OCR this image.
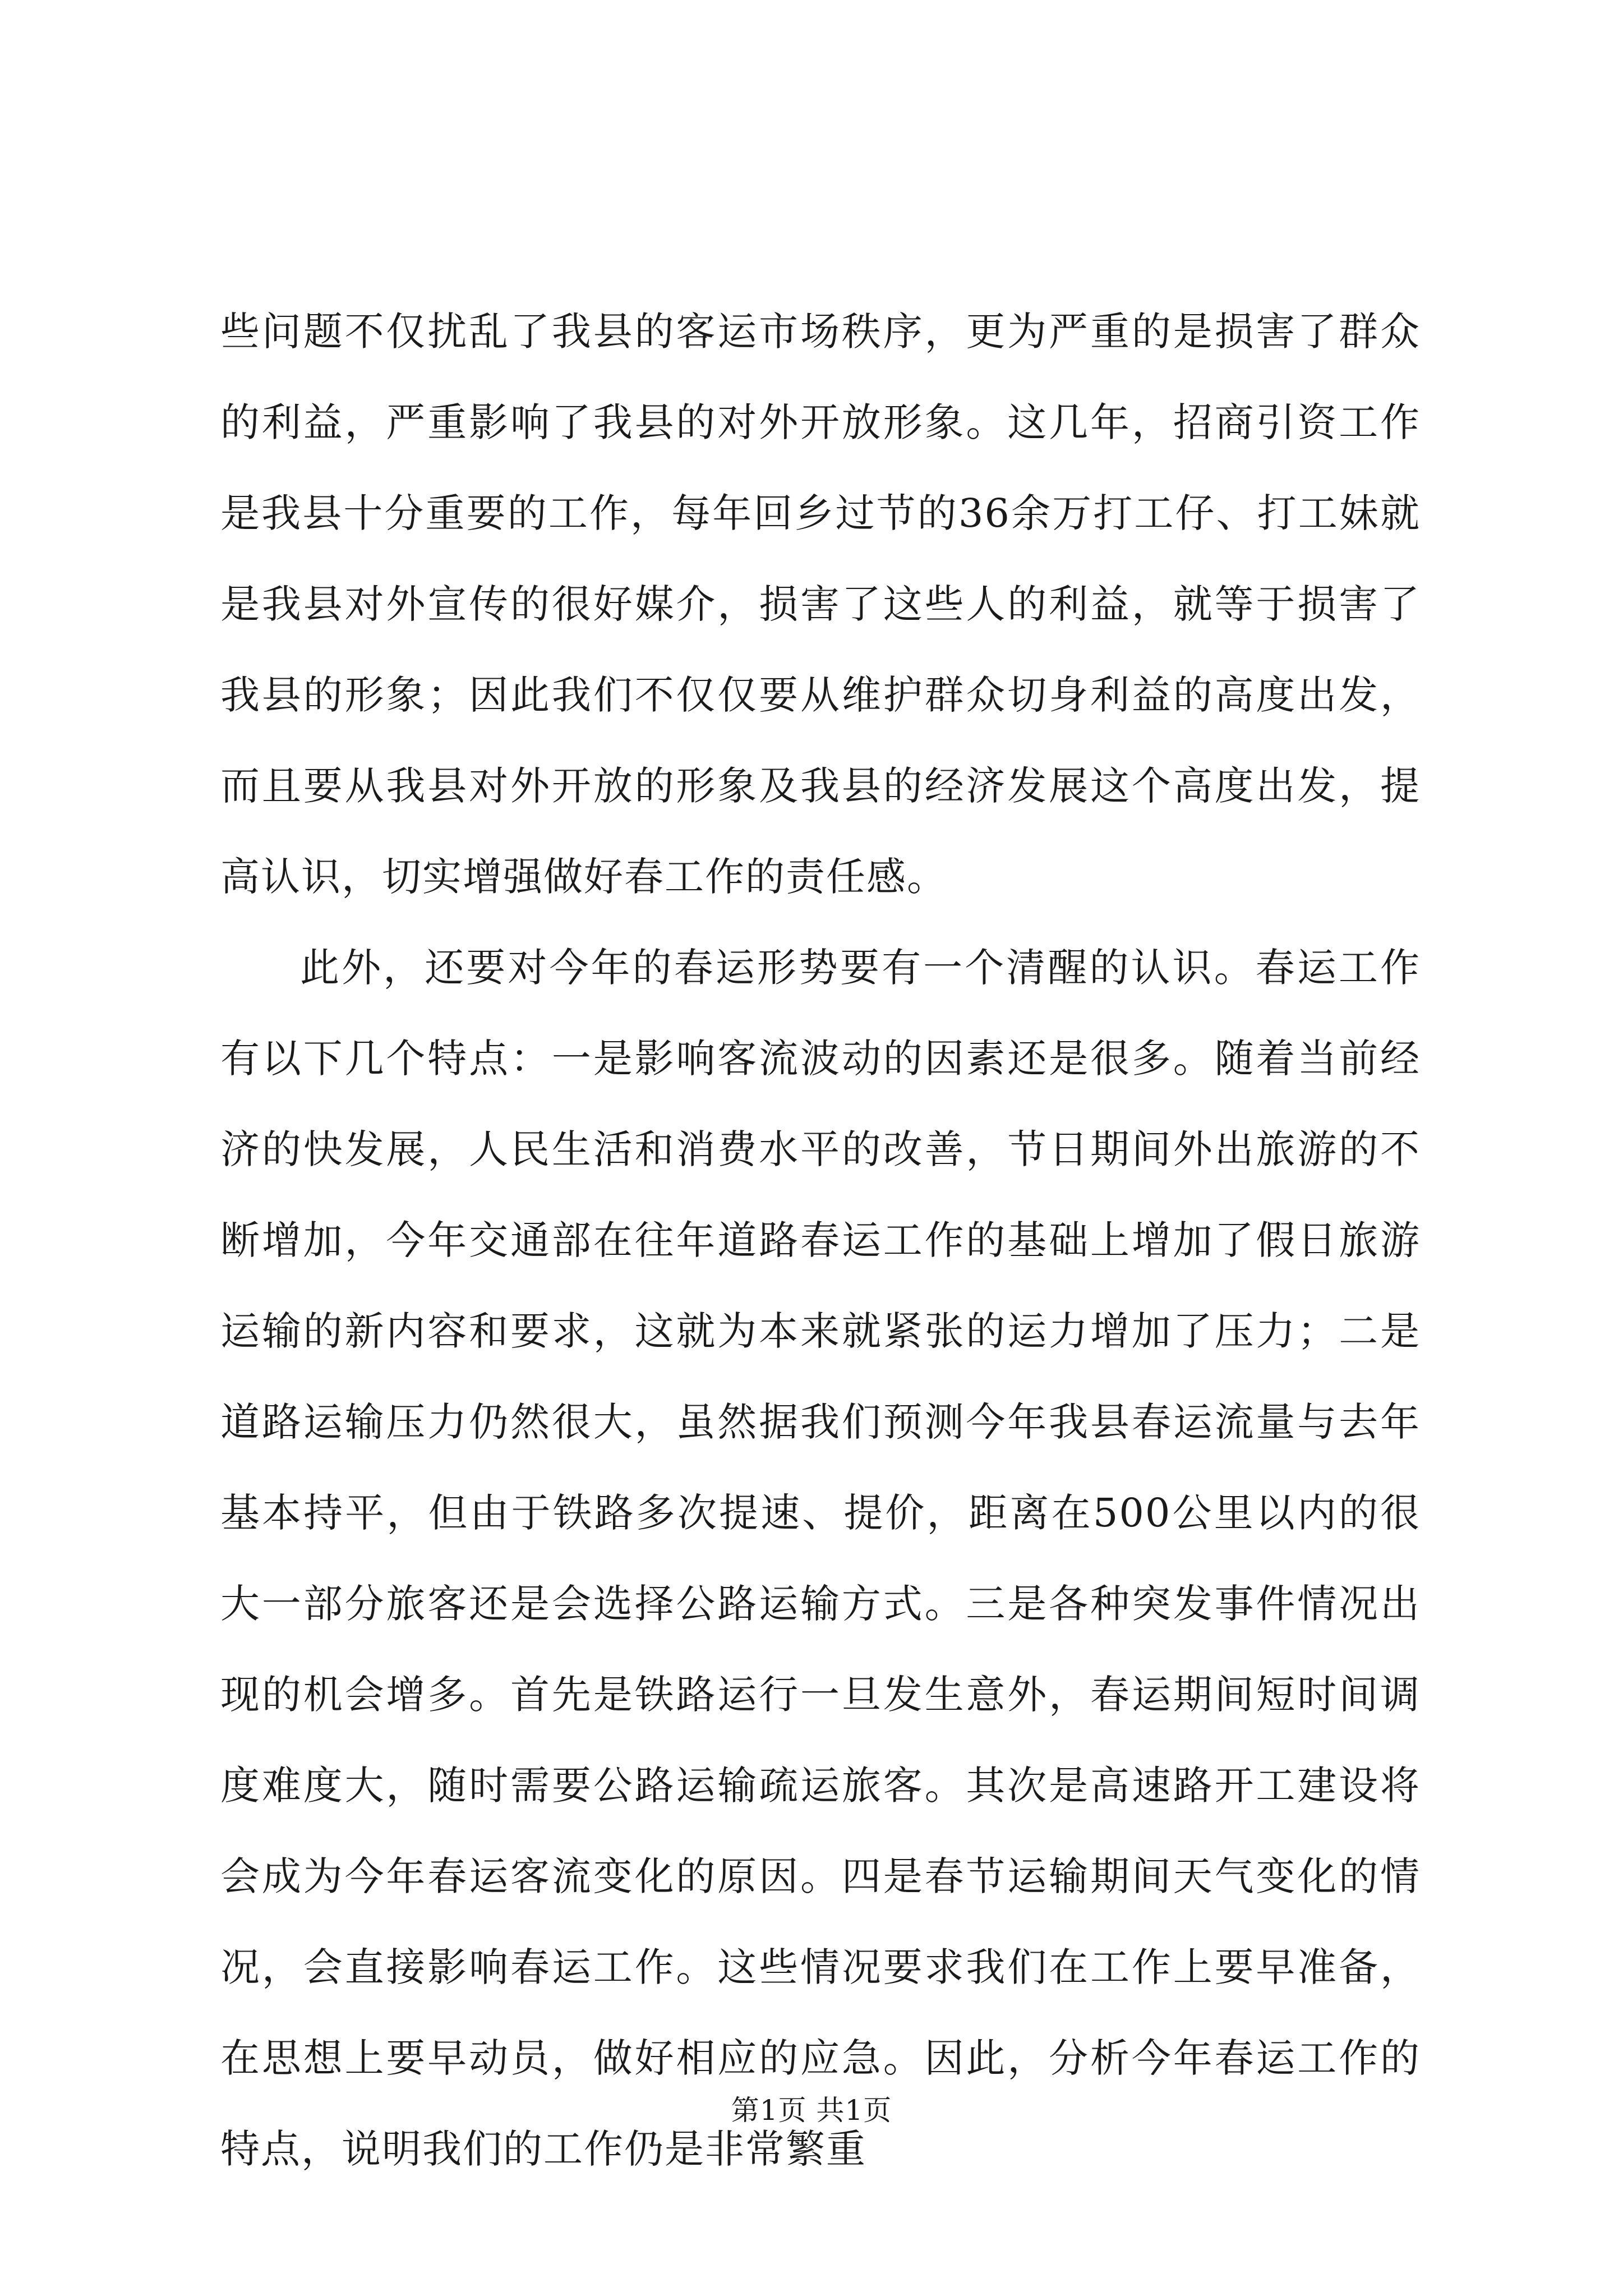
些问题不仅扰乱了我县的客运市场秩序，更为严重的是损害了群众的利益，严重影响了我县的对外开放形象。这几年，招商引资工作是我县十分重要的工作，每年回乡过节的36余万打工仔、打工妹就是我县对外宣传的很好媒介，损害了这些人的利益，就等于损害了我县的形象；因此我们不仅仅要从维护群众切身利益的高度出发，而且要从我县对外开放的形象及我县的经济发展这个高度出发，提高认识，切实增强做好春工作的责任感。

此外，还要对今年的春运形势要有一个清醒的认识。春运工作有以下几个特点：一是影响客流波动的因素还是很多。随着当前经济的快发展，人民生活和消费水平的改善，节日期间外出旅游的不断增加，今年交通部在往年道路春运工作的基础上增加了假日旅游运输的新内容和要求，这就为本来就紧张的运力增加了压力；二是道路运输压力仍然很大，虽然据我们预测今年我县春运流量与去年基本持平，但由于铁路多次提速、提价，距离在500公里以内的很大一部分旅客还是会选择公路运输方式。三是各种突发事件情况出现的机会增多。首先是铁路运行一旦发生意外，春运期间短时间调度难度大，随时需要公路运输疏运旅客。其次是高速路开工建设将会成为今年春运客流变化的原因。四是春节运输期间天气变化的情况，会直接影响春运工作。这些情况要求我们在工作上要早准备，在思想上要早动员，做好相应的应急。因此，分析今年春运工作的特点，说明我们的工作仍是非常繁重

第1页 共1页
